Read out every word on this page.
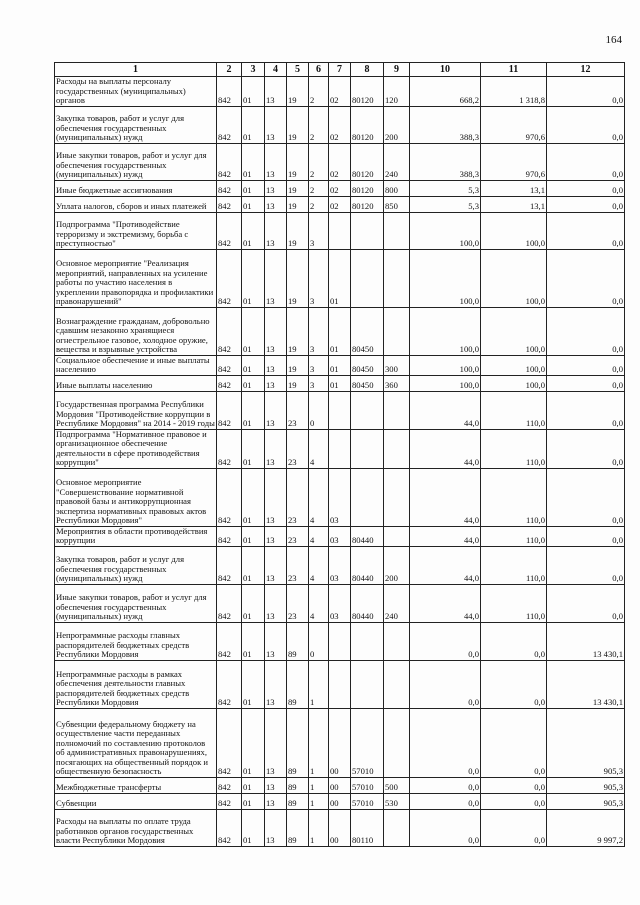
164
1	2	3	4	5	6	7	8	9	10	11	12
Расходы на выплаты персоналу государственных (муниципальных) органов	842	01	13	19	2	02	80120	120	668,2	1 318,8	0,0
Закупка товаров, работ и услуг для обеспечения государственных (муниципальных) нужд	842	01	13	19	2	02	80120	200	388,3	970,6	0,0
Иные закупки товаров, работ и услуг для обеспечения государственных (муниципальных) нужд	842	01	13	19	2	02	80120	240	388,3	970,6	0,0
Иные бюджетные ассигнования	842	01	13	19	2	02	80120	800	5,3	13,1	0,0
Уплата налогов, сборов и иных платежей	842	01	13	19	2	02	80120	850	5,3	13,1	0,0
Подпрограмма "Противодействие терроризму и экстремизму, борьба с преступностью"	842	01	13	19	3				100,0	100,0	0,0
Основное мероприятие "Реализация мероприятий, направленных на усиление работы по участию населения в укреплении правопорядка и профилактики правонарушений"	842	01	13	19	3	01			100,0	100,0	0,0
Вознаграждение гражданам, добровольно сдавшим незаконно хранящиеся огнестрельное газовое, холодное оружие, вещества и взрывные устройства	842	01	13	19	3	01	80450		100,0	100,0	0,0
Социальное обеспечение и иные выплаты населению	842	01	13	19	3	01	80450	300	100,0	100,0	0,0
Иные выплаты населению	842	01	13	19	3	01	80450	360	100,0	100,0	0,0
Государственная программа Республики Мордовия "Противодействие коррупции в Республике Мордовия" на 2014 - 2019 годы	842	01	13	23	0				44,0	110,0	0,0
Подпрограмма "Нормативное правовое и организационное обеспечение деятельности в сфере противодействия коррупции"	842	01	13	23	4				44,0	110,0	0,0
Основное мероприятие "Совершенствование нормативной правовой базы и антикоррупционная экспертиза нормативных правовых актов Республики Мордовия"	842	01	13	23	4	03			44,0	110,0	0,0
Мероприятия в области противодействия коррупции	842	01	13	23	4	03	80440		44,0	110,0	0,0
Закупка товаров, работ и услуг для обеспечения государственных (муниципальных) нужд	842	01	13	23	4	03	80440	200	44,0	110,0	0,0
Иные закупки товаров, работ и услуг для обеспечения государственных (муниципальных) нужд	842	01	13	23	4	03	80440	240	44,0	110,0	0,0
Непрограммные расходы главных распорядителей бюджетных средств Республики Мордовия	842	01	13	89	0				0,0	0,0	13 430,1
Непрограммные расходы в рамках обеспечения деятельности главных распорядителей бюджетных средств Республики Мордовия	842	01	13	89	1				0,0	0,0	13 430,1
Субвенции федеральному бюджету на осуществление части переданных полномочий по составлению протоколов об административных правонарушениях, посягающих на общественный порядок и общественную безопасность	842	01	13	89	1	00	57010		0,0	0,0	905,3
Межбюджетные трансферты	842	01	13	89	1	00	57010	500	0,0	0,0	905,3
Субвенции	842	01	13	89	1	00	57010	530	0,0	0,0	905,3
Расходы на выплаты по оплате труда работников органов государственных власти Республики Мордовия	842	01	13	89	1	00	80110		0,0	0,0	9 997,2
